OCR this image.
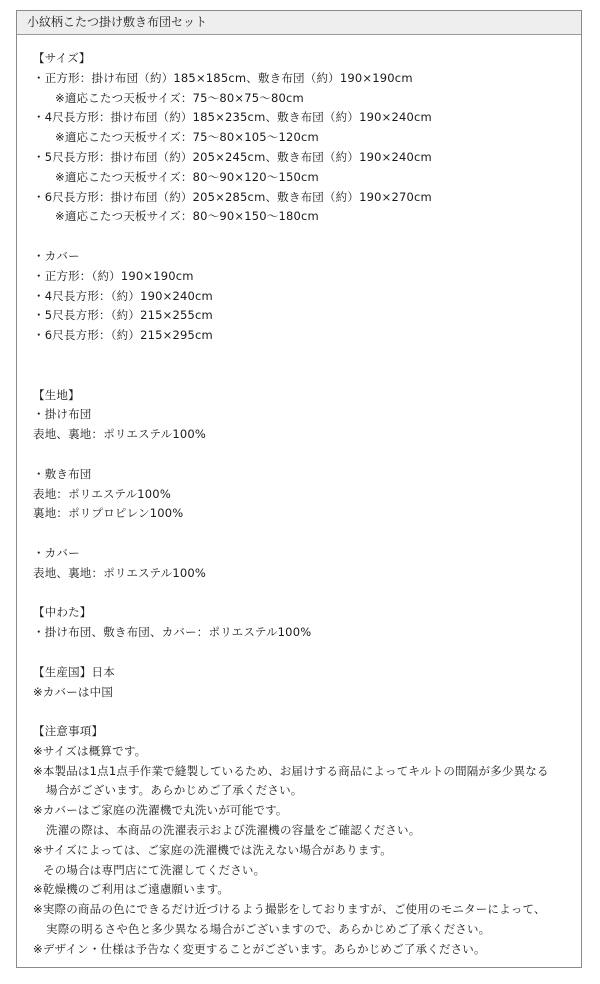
小紋柄こたつ掛け敷き布団セット
【サイズ】
・正方形：掛け布団（約）185×185cm、敷き布団（約）190×190cm
※適応こたつ天板サイズ：75～80×75～80cm
・4尺長方形：掛け布団（約）185×235cm、敷き布団（約）190×240cm
※適応こたつ天板サイズ：75～80×105～120cm
・5尺長方形：掛け布団（約）205×245cm、敷き布団（約）190×240cm
※適応こたつ天板サイズ：80～90×120～150cm
・6尺長方形：掛け布団（約）205×285cm、敷き布団（約）190×270cm
※適応こたつ天板サイズ：80～90×150～180cm
・カバー
・正方形：（約）190×190cm
・4尺長方形：（約）190×240cm
・5尺長方形：（約）215×255cm
・6尺長方形：（約）215×295cm
【生地】
・掛け布団
表地、裏地：ポリエステル100%
・敷き布団
表地：ポリエステル100%
裏地：ポリプロピレン100%
・カバー
表地、裏地：ポリエステル100%
【中わた】
・掛け布団、敷き布団、カバー：ポリエステル100%
【生産国】日本
※カバーは中国
【注意事項】
※サイズは概算です。
※本製品は1点1点手作業で縫製しているため、お届けする商品によってキルトの間隔が多少異なる
場合がございます。あらかじめご了承ください。
※カバーはご家庭の洗濯機で丸洗いが可能です。
洗濯の際は、本商品の洗濯表示および洗濯機の容量をご確認ください。
※サイズによっては、ご家庭の洗濯機では洗えない場合があります。
その場合は専門店にて洗濯してください。
※乾燥機のご利用はご遠慮願います。
※実際の商品の色にできるだけ近づけるよう撮影をしておりますが、ご使用のモニターによって、
実際の明るさや色と多少異なる場合がございますので、あらかじめご了承ください。
※デザイン・仕様は予告なく変更することがございます。あらかじめご了承ください。
